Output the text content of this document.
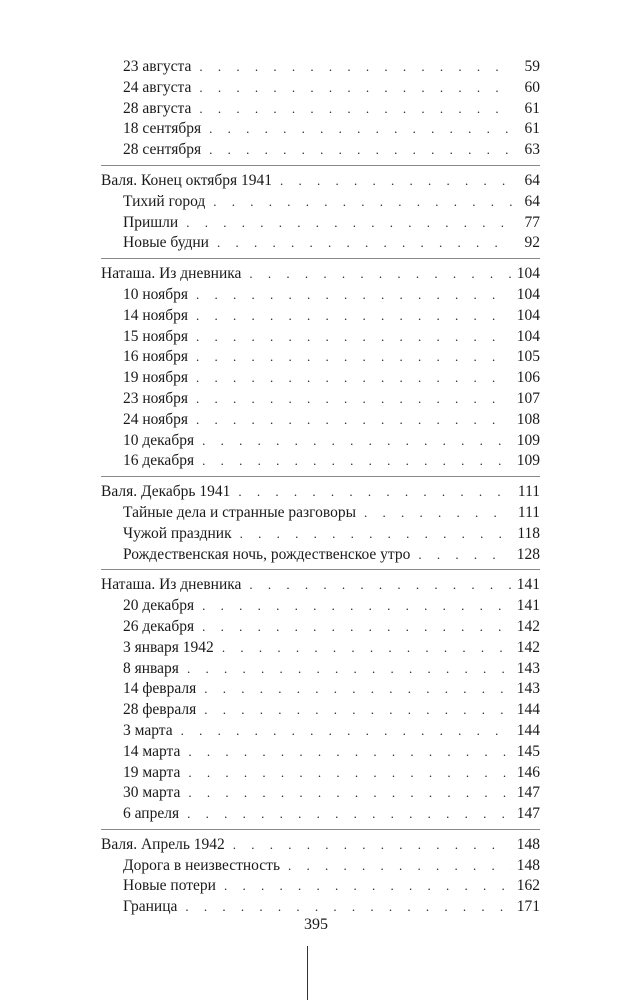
23 августа . . .	59
24 августа . . .	60
28 августа . . .	61
18 сентября . . .	61
28 сентября . . .	63
Валя. Конец октября 1941 . . .	64
Тихий город . . .	64
Пришли . . .	77
Новые будни . . .	92
Наташа. Из дневника . . .	104
10 ноября . . .	104
14 ноября . . .	104
15 ноября . . .	104
16 ноября . . .	105
19 ноября . . .	106
23 ноября . . .	107
24 ноября . . .	108
10 декабря . . .	109
16 декабря . . .	109
Валя. Декабрь 1941 . . .	111
Тайные дела и странные разговоры . . .	111
Чужой праздник . . .	118
Рождественская ночь, рождественское утро . . .	128
Наташа. Из дневника . . .	141
20 декабря . . .	141
26 декабря . . .	142
3 января 1942 . . .	142
8 января . . .	143
14 февраля . . .	143
28 февраля . . .	144
3 марта . . .	144
14 марта . . .	145
19 марта . . .	146
30 марта . . .	147
6 апреля . . .	147
Валя. Апрель 1942 . . .	148
Дорога в неизвестность . . .	148
Новые потери . . .	162
Граница . . .	171
395
